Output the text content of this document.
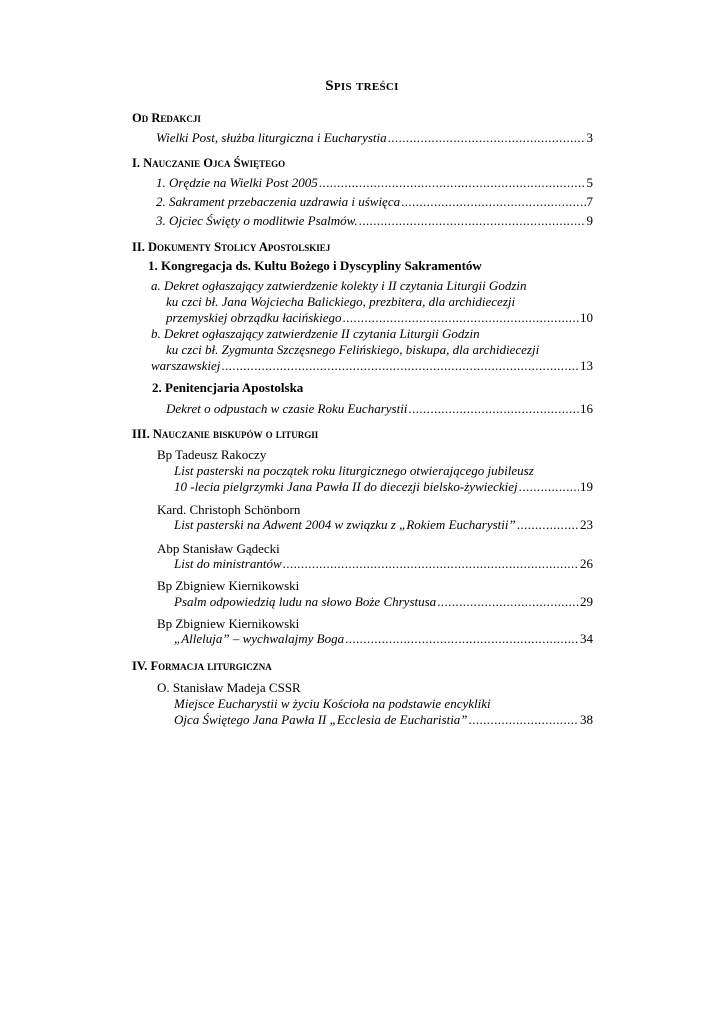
Spis treści
Od Redakcji
Wielki Post, służba liturgiczna i Eucharystia .....	3
I. Nauczanie Ojca Świętego
1. Orędzie na Wielki Post 2005 .....	5
2. Sakrament przebaczenia uzdrawia i uświęca .....	7
3. Ojciec Święty o modlitwie Psalmów. .....	9
II. Dokumenty Stolicy Apostolskiej
1. Kongregacja ds. Kultu Bożego i Dyscypliny Sakramentów
a. Dekret ogłaszający zatwierdzenie kolekty i II czytania Liturgii Godzin
ku czci bł. Jana Wojciecha Balickiego, prezbitera, dla archidiecezji
przemyskiej obrządku łacińskiego .....	10
b. Dekret ogłaszający zatwierdzenie II czytania Liturgii Godzin
ku czci bł. Zygmunta Szczęsnego Felińskiego, biskupa, dla archidiecezji
warszawskiej .....	13
2. Penitencjaria Apostolska
Dekret o odpustach w czasie Roku Eucharystii .....	16
III. Nauczanie biskupów o liturgii
Bp Tadeusz Rakoczy
List pasterski na początek roku liturgicznego otwierającego jubileusz
10 -lecia pielgrzymki Jana Pawła II do diecezji bielsko-żywieckiej .....	19
Kard. Christoph Schönborn
List pasterski na Adwent 2004 w związku z „Rokiem Eucharystii” .....	23
Abp Stanisław Gądecki
List do ministrantów .....	26
Bp Zbigniew Kiernikowski
Psalm odpowiedzią ludu na słowo Boże Chrystusa .....	29
Bp Zbigniew Kiernikowski
„Alleluja” – wychwalajmy Boga .....	34
IV. Formacja liturgiczna
O. Stanisław Madeja CSSR
Miejsce Eucharystii w życiu Kościoła na podstawie encykliki
Ojca Świętego Jana Pawła II „Ecclesia de Eucharistia” .....	38
